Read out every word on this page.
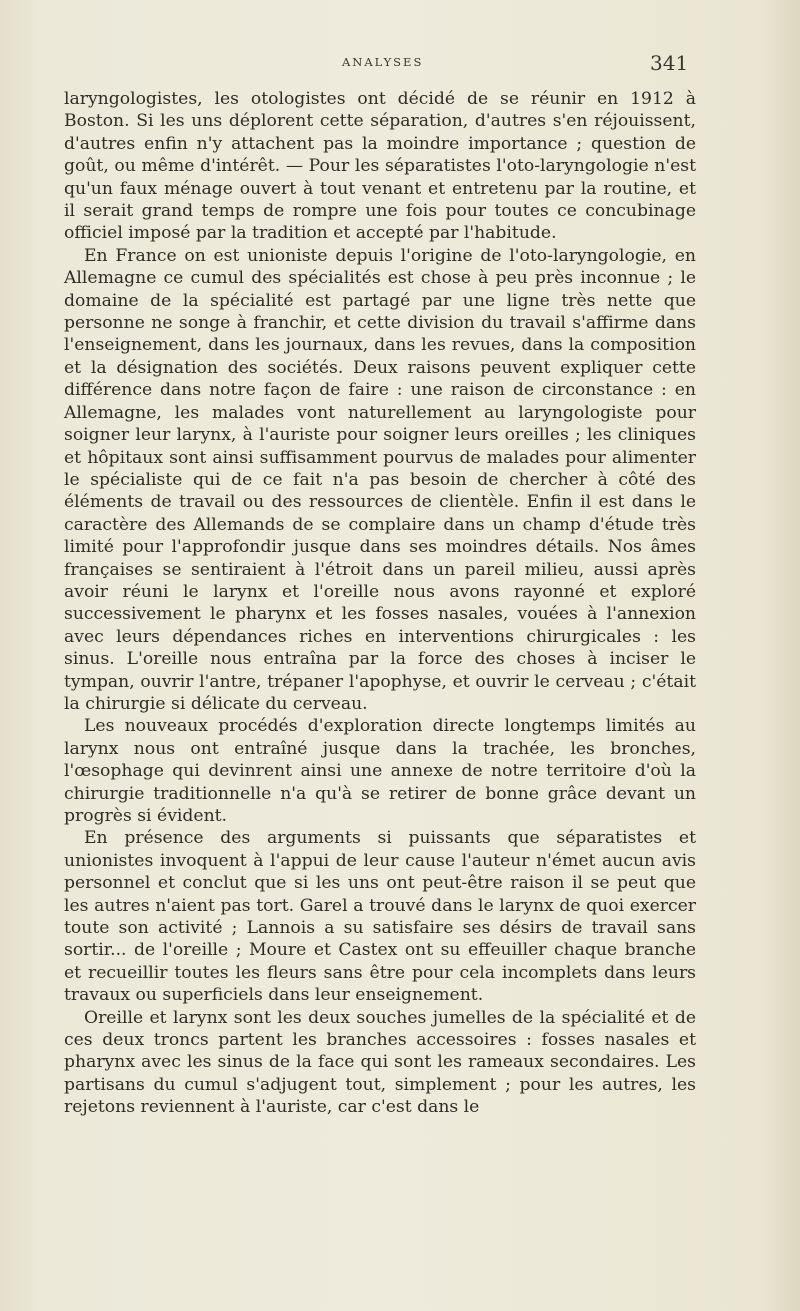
ANALYSES	341

laryngologistes, les otologistes ont décidé de se réunir en 1912 à Boston. Si les uns déplorent cette séparation, d'autres s'en réjouissent, d'autres enfin n'y attachent pas la moindre importance ; question de goût, ou même d'intérêt. — Pour les séparatistes l'oto-laryngologie n'est qu'un faux ménage ouvert à tout venant et entretenu par la routine, et il serait grand temps de rompre une fois pour toutes ce concubinage officiel imposé par la tradition et accepté par l'habitude.

En France on est unioniste depuis l'origine de l'oto-laryngologie, en Allemagne ce cumul des spécialités est chose à peu près inconnue ; le domaine de la spécialité est partagé par une ligne très nette que personne ne songe à franchir, et cette division du travail s'affirme dans l'enseignement, dans les journaux, dans les revues, dans la composition et la désignation des sociétés. Deux raisons peuvent expliquer cette différence dans notre façon de faire : une raison de circonstance : en Allemagne, les malades vont naturellement au laryngologiste pour soigner leur larynx, à l'auriste pour soigner leurs oreilles ; les cliniques et hôpitaux sont ainsi suffisamment pourvus de malades pour alimenter le spécialiste qui de ce fait n'a pas besoin de chercher à côté des éléments de travail ou des ressources de clientèle. Enfin il est dans le caractère des Allemands de se complaire dans un champ d'étude très limité pour l'approfondir jusque dans ses moindres détails. Nos âmes françaises se sentiraient à l'étroit dans un pareil milieu, aussi après avoir réuni le larynx et l'oreille nous avons rayonné et exploré successivement le pharynx et les fosses nasales, vouées à l'annexion avec leurs dépendances riches en interventions chirurgicales : les sinus. L'oreille nous entraîna par la force des choses à inciser le tympan, ouvrir l'antre, trépaner l'apophyse, et ouvrir le cerveau ; c'était la chirurgie si délicate du cerveau.

Les nouveaux procédés d'exploration directe longtemps limités au larynx nous ont entraîné jusque dans la trachée, les bronches, l'œsophage qui devinrent ainsi une annexe de notre territoire d'où la chirurgie traditionnelle n'a qu'à se retirer de bonne grâce devant un progrès si évident.

En présence des arguments si puissants que séparatistes et unionistes invoquent à l'appui de leur cause l'auteur n'émet aucun avis personnel et conclut que si les uns ont peut-être raison il se peut que les autres n'aient pas tort. Garel a trouvé dans le larynx de quoi exercer toute son activité ; Lannois a su satisfaire ses désirs de travail sans sortir... de l'oreille ; Moure et Castex ont su effeuiller chaque branche et recueillir toutes les fleurs sans être pour cela incomplets dans leurs travaux ou superficiels dans leur enseignement.

Oreille et larynx sont les deux souches jumelles de la spécialité et de ces deux troncs partent les branches accessoires : fosses nasales et pharynx avec les sinus de la face qui sont les rameaux secondaires. Les partisans du cumul s'adjugent tout, simplement ; pour les autres, les rejetons reviennent à l'auriste, car c'est dans le
